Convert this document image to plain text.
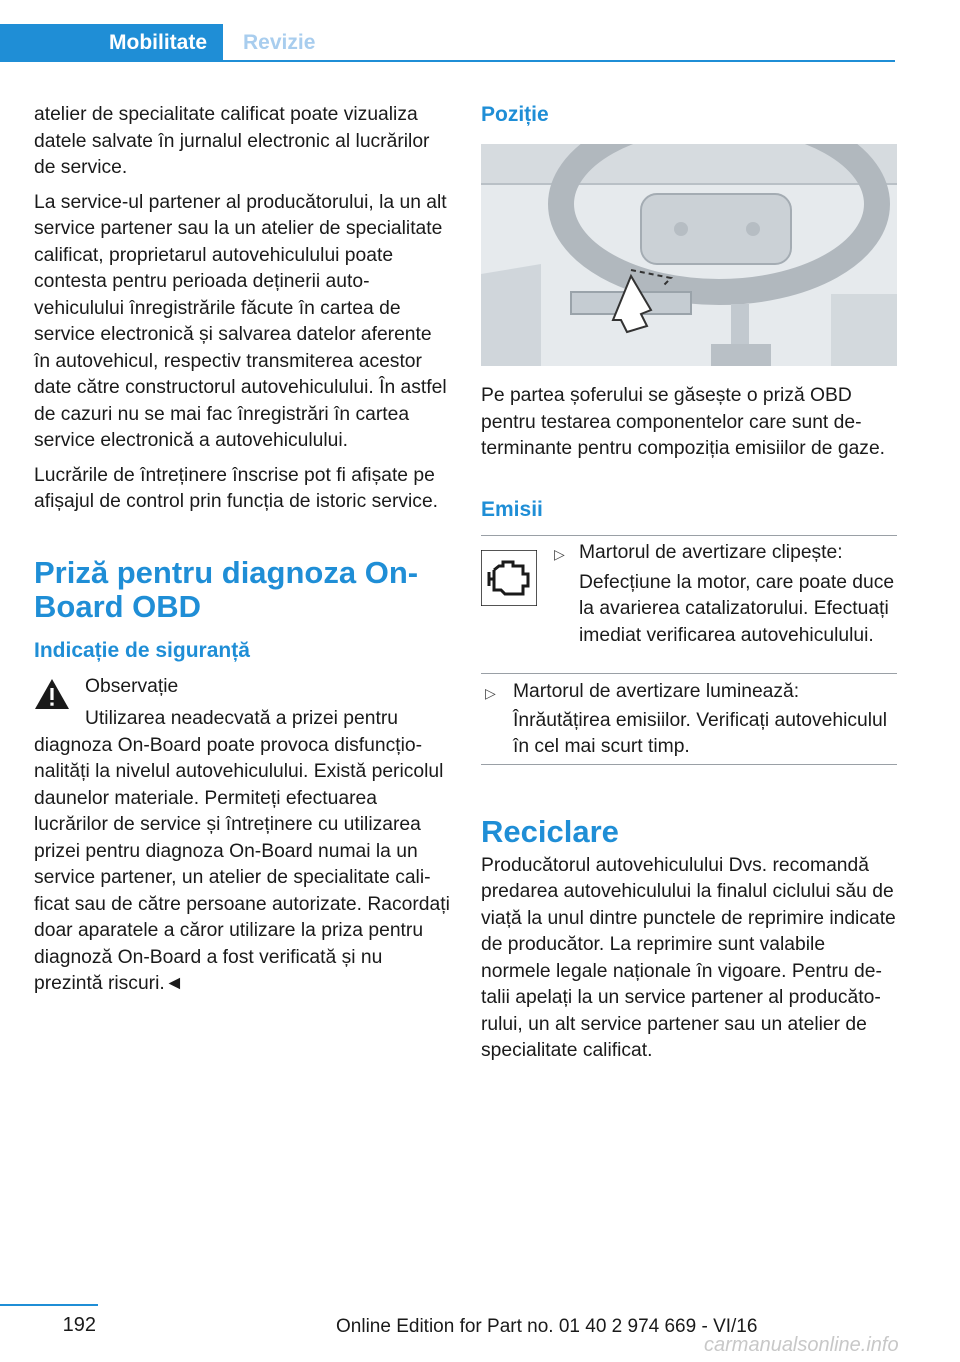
Mobilitate	Revizie

atelier de specialitate calificat poate vizualiza datele salvate în jurnalul electronic al lucrărilor de service.

La service-ul partener al producătorului, la un alt service partener sau la un atelier de specialitate calificat, proprietarul autovehiculului poate contesta pentru perioada deținerii autovehiculului înregistrările făcute în cartea de service electronică și salvarea datelor aferente în autovehicul, respectiv transmiterea acestor date către constructorul autovehiculului. În astfel de cazuri nu se mai fac înregistrări în cartea service electronică a autovehiculului.

Lucrările de întreținere înscrise pot fi afișate pe afișajul de control prin funcția de istoric service.

Priză pentru diagnoza On-Board OBD
Indicație de siguranță

Observație

Utilizarea neadecvată a prizei pentru diagnoza On-Board poate provoca disfuncționalități la nivelul autovehiculului. Există pericolul daunelor materiale. Permiteți efectuarea lucrărilor de service și întreținere cu utilizarea prizei pentru diagnoza On-Board numai la un service partener, un atelier de specialitate calificat sau de către persoane autorizate. Racordați doar aparatele a căror utilizare la priza pentru diagnoză On-Board a fost verificată și nu prezintă riscuri.◄

Poziție

Pe partea șoferului se găsește o priză OBD pentru testarea componentelor care sunt determinante pentru compoziția emisiilor de gaze.

Emisii
▷ Martorul de avertizare clipește:

Defecțiune la motor, care poate duce la avarierea catalizatorului. Efectuați imediat verificarea autovehiculului.

▷ Martorul de avertizare luminează:

Înrăutățirea emisiilor. Verificați autovehiculul în cel mai scurt timp.

Reciclare

Producătorul autovehiculului Dvs. recomandă predarea autovehiculului la finalul ciclului său de viață la unul dintre punctele de reprimire indicate de producător. La reprimire sunt valabile normele legale naționale în vigoare. Pentru detalii apelați la un service partener al producătorului, un alt service partener sau un atelier de specialitate calificat.

192	Online Edition for Part no. 01 40 2 974 669 - VI/16
carmanualsonline.info
